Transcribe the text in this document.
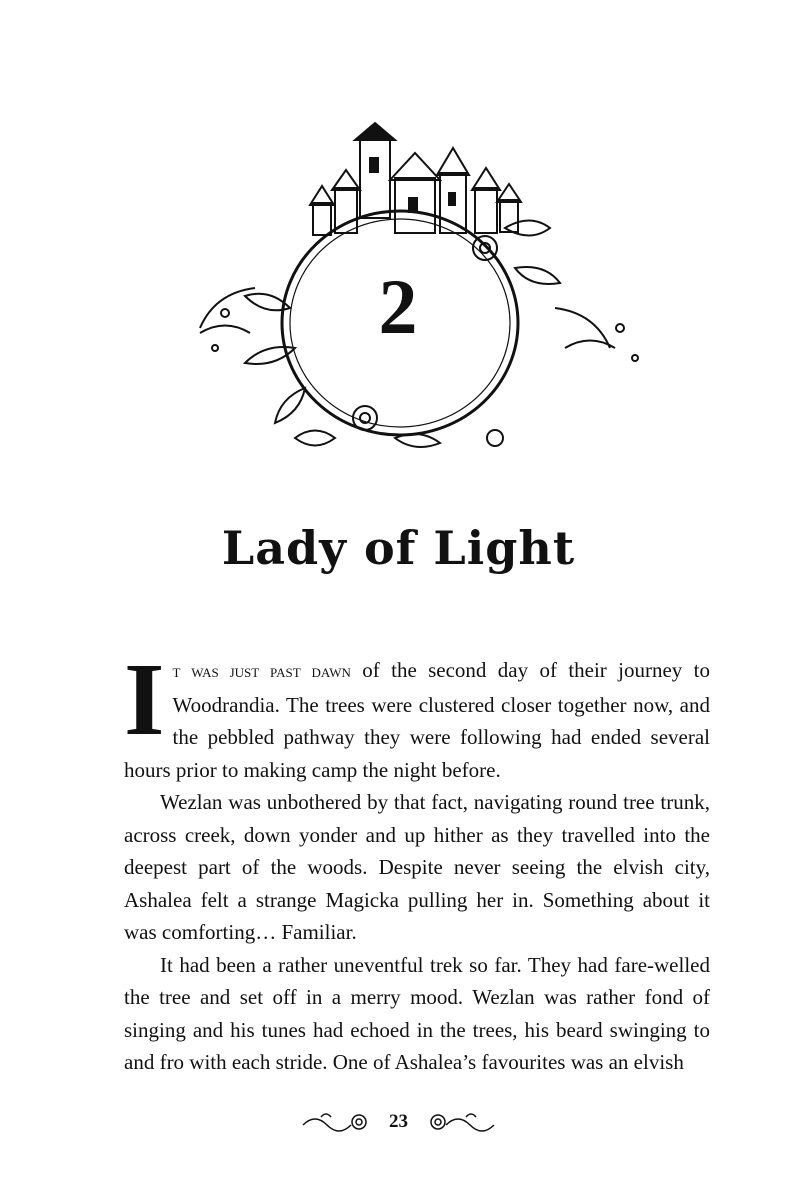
2
Lady of Light

I t was just past dawn of the second day of their journey to Woodrandia. The trees were clustered closer together now, and the pebbled pathway they were following had ended several hours prior to making camp the night before.

Wezlan was unbothered by that fact, navigating round tree trunk, across creek, down yonder and up hither as they travelled into the deepest part of the woods. Despite never seeing the elvish city, Ashalea felt a strange Magicka pulling her in. Something about it was comforting… Familiar.

It had been a rather uneventful trek so far. They had fare-welled the tree and set off in a merry mood. Wezlan was rather fond of singing and his tunes had echoed in the trees, his beard swinging to and fro with each stride. One of Ashalea’s favourites was an elvish

23
